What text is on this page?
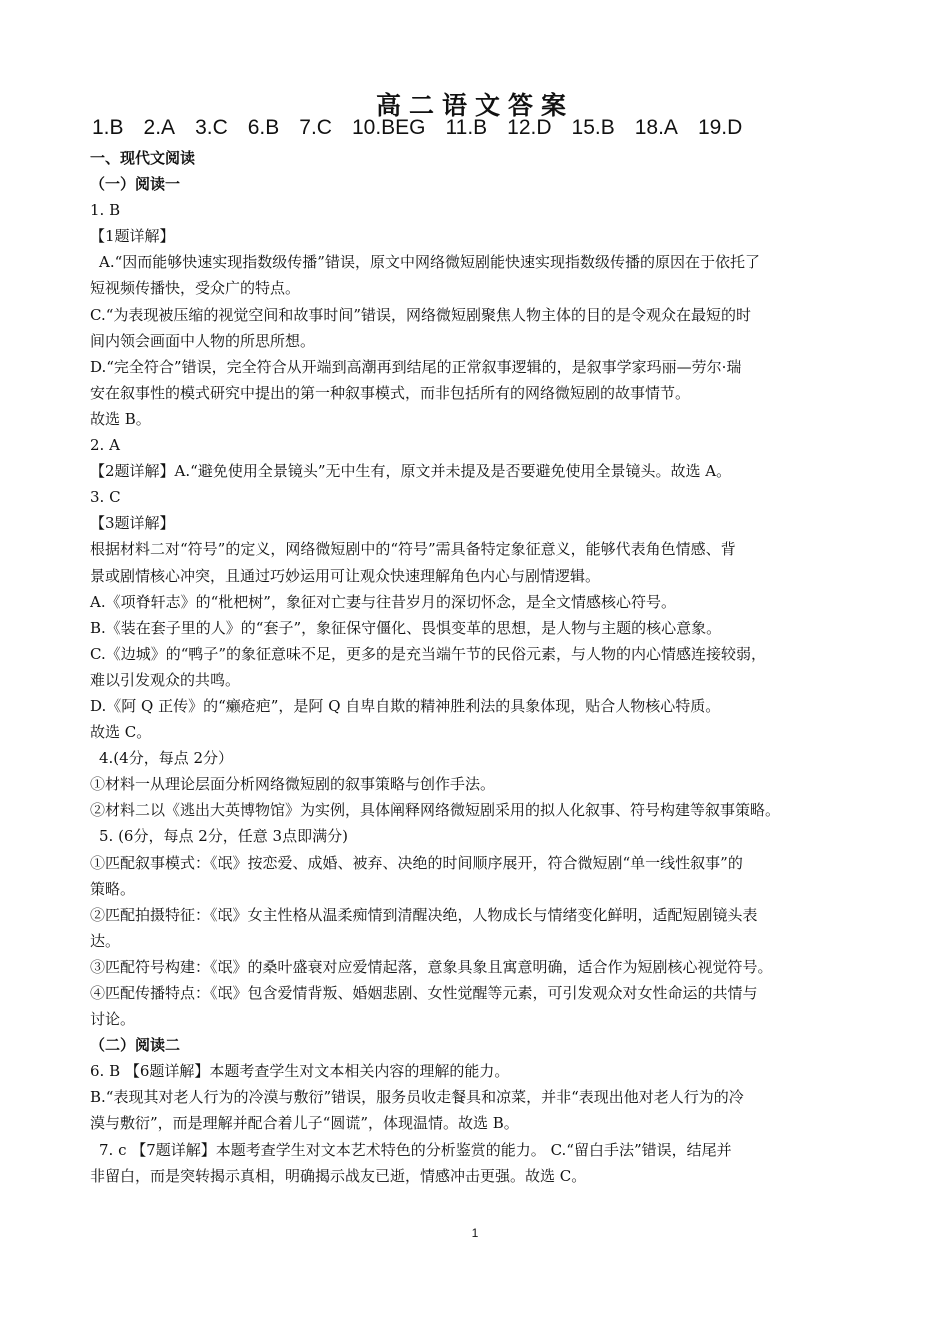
高二语文答案
1.B 2.A 3.C 6.B 7.C 10.BEG 11.B 12.D 15.B 18.A 19.D

一、现代文阅读

（一）阅读一

1. B

【1题详解】

A.“因而能够快速实现指数级传播”错误，原文中网络微短剧能快速实现指数级传播的原因在于依托了

短视频传播快，受众广的特点。

C.“为表现被压缩的视觉空间和故事时间”错误，网络微短剧聚焦人物主体的目的是令观众在最短的时

间内领会画面中人物的所思所想。

D.“完全符合”错误，完全符合从开端到高潮再到结尾的正常叙事逻辑的，是叙事学家玛丽—劳尔·瑞

安在叙事性的模式研究中提出的第一种叙事模式，而非包括所有的网络微短剧的故事情节。

故选 B。

2. A

【2题详解】A.“避免使用全景镜头”无中生有，原文并未提及是否要避免使用全景镜头。故选 A。

3. C

【3题详解】

根据材料二对“符号”的定义，网络微短剧中的“符号”需具备特定象征意义，能够代表角色情感、背

景或剧情核心冲突，且通过巧妙运用可让观众快速理解角色内心与剧情逻辑。

A.《项脊轩志》的“枇杷树”，象征对亡妻与往昔岁月的深切怀念，是全文情感核心符号。

B.《装在套子里的人》的“套子”，象征保守僵化、畏惧变革的思想，是人物与主题的核心意象。

C.《边城》的“鸭子”的象征意味不足，更多的是充当端午节的民俗元素，与人物的内心情感连接较弱，

难以引发观众的共鸣。

D.《阿 Q 正传》的“癞疮疤”，是阿 Q 自卑自欺的精神胜利法的具象体现，贴合人物核心特质。

故选 C。

4.(4分，每点 2分）

①材料一从理论层面分析网络微短剧的叙事策略与创作手法。

②材料二以《逃出大英博物馆》为实例，具体阐释网络微短剧采用的拟人化叙事、符号构建等叙事策略。

5. (6分，每点 2分，任意 3点即满分)

①匹配叙事模式：《氓》按恋爱、成婚、被弃、决绝的时间顺序展开，符合微短剧“单一线性叙事”的

策略。

②匹配拍摄特征：《氓》女主性格从温柔痴情到清醒决绝，人物成长与情绪变化鲜明，适配短剧镜头表

达。

③匹配符号构建：《氓》的桑叶盛衰对应爱情起落，意象具象且寓意明确，适合作为短剧核心视觉符号。

④匹配传播特点：《氓》包含爱情背叛、婚姻悲剧、女性觉醒等元素，可引发观众对女性命运的共情与

讨论。

（二）阅读二

6. B 【6题详解】本题考查学生对文本相关内容的理解的能力。

B.“表现其对老人行为的冷漠与敷衍”错误，服务员收走餐具和凉菜，并非“表现出他对老人行为的冷

漠与敷衍”，而是理解并配合着儿子“圆谎”，体现温情。故选 B。

7. c 【7题详解】本题考查学生对文本艺术特色的分析鉴赏的能力。 C.“留白手法”错误，结尾并

非留白，而是突转揭示真相，明确揭示战友已逝，情感冲击更强。故选 C。

1
